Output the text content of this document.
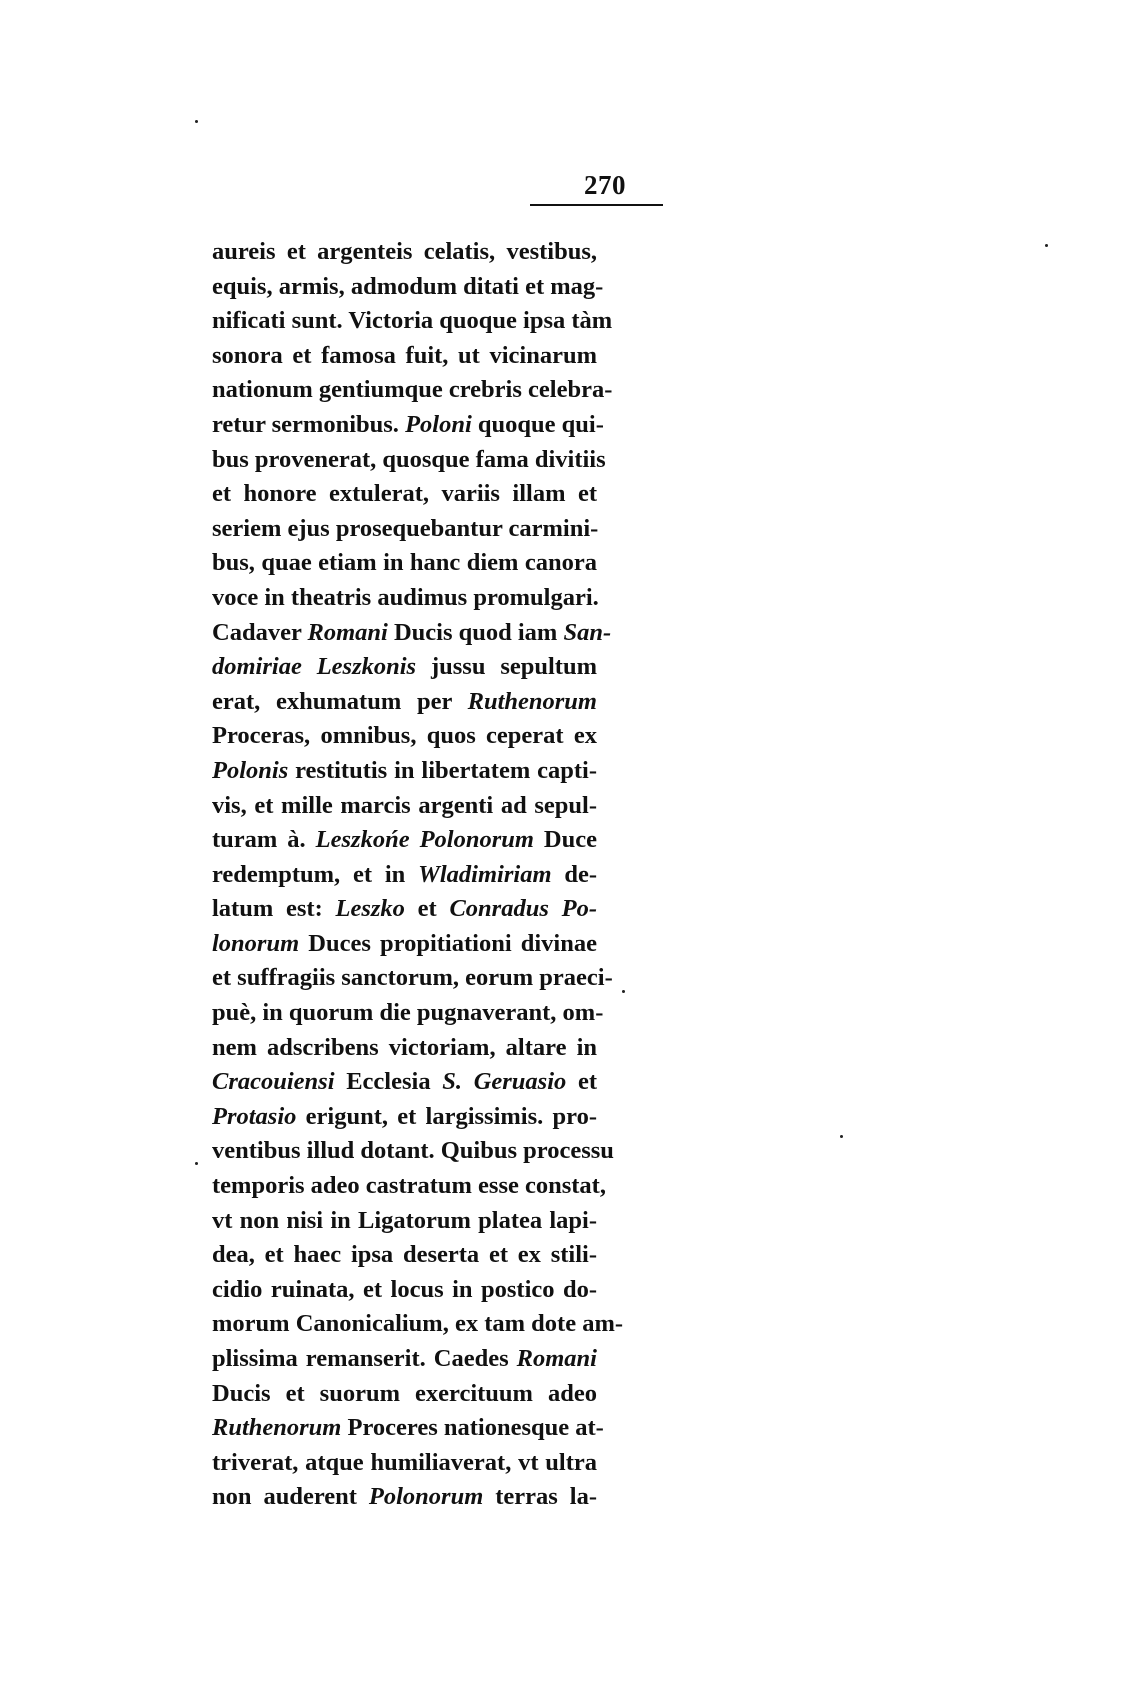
270
aureis et argenteis celatis, vestibus,
equis, armis, admodum ditati et mag-
nificati sunt. Victoria quoque ipsa tàm
sonora et famosa fuit, ut vicinarum
nationum gentiumque crebris celebra-
retur sermonibus. Poloni quoque qui-
bus provenerat, quosque fama divitiis
et honore extulerat, variis illam et
seriem ejus prosequebantur carmini-
bus, quae etiam in hanc diem canora
voce in theatris audimus promulgari.
Cadaver Romani Ducis quod iam San-
domiriae Leszkonis jussu sepultum
erat, exhumatum per Ruthenorum
Proceras, omnibus, quos ceperat ex
Polonis restitutis in libertatem capti-
vis, et mille marcis argenti ad sepul-
turam à. Leszkońe Polonorum Duce
redemptum, et in Wladimiriam de-
latum est: Leszko et Conradus Po-
lonorum Duces propitiationi divinae
et suffragiis sanctorum, eorum praeci-
puè, in quorum die pugnaverant, om-
nem adscribens victoriam, altare in
Cracouiensi Ecclesia S. Geruasio et
Protasio erigunt, et largissimis. pro-
ventibus illud dotant. Quibus processu
temporis adeo castratum esse constat,
vt non nisi in Ligatorum platea lapi-
dea, et haec ipsa deserta et ex stili-
cidio ruinata, et locus in postico do-
morum Canonicalium, ex tam dote am-
plissima remanserit. Caedes Romani
Ducis et suorum exercituum adeo
Ruthenorum Proceres nationesque at-
triverat, atque humiliaverat, vt ultra
non auderent Polonorum terras la-
